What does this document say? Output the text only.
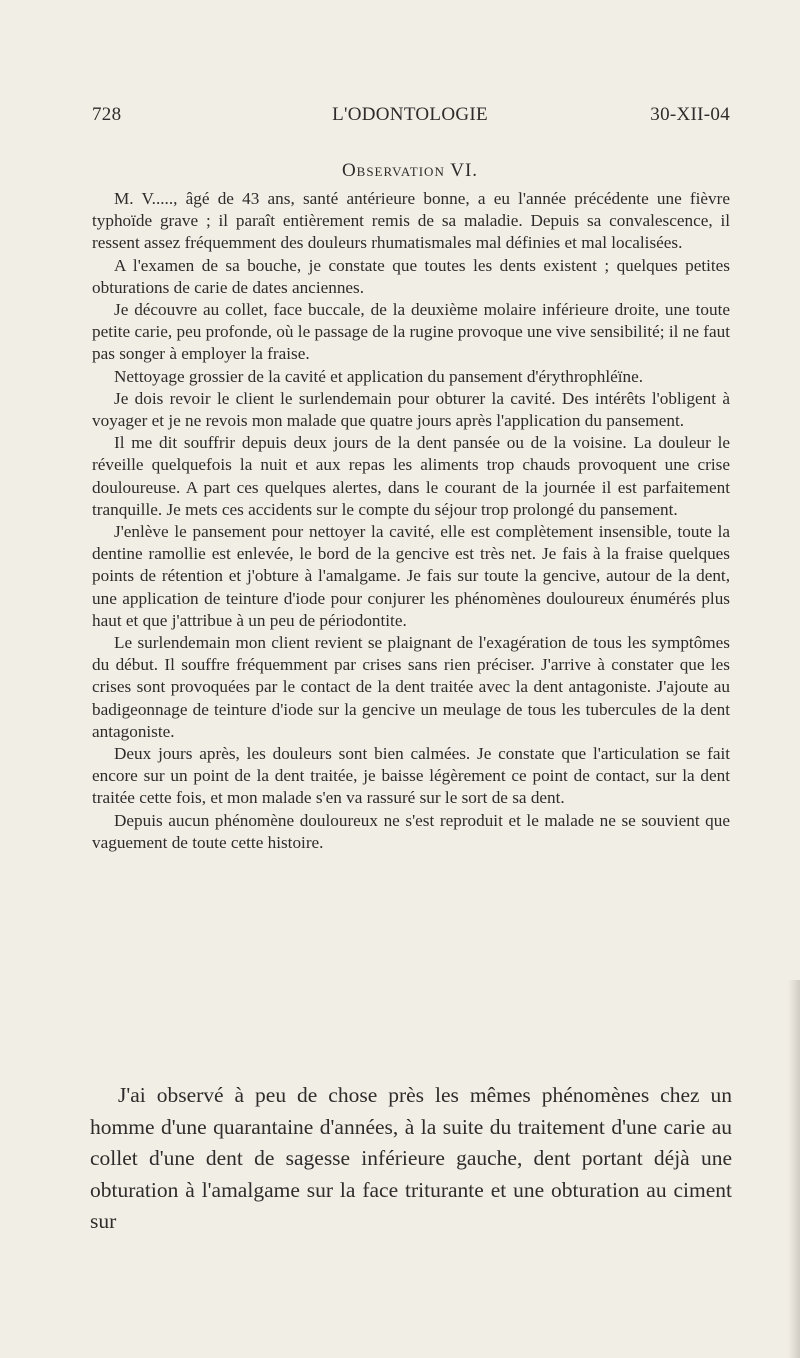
728	L'ODONTOLOGIE	30-XII-04
Observation VI.

M. V....., âgé de 43 ans, santé antérieure bonne, a eu l'année précédente une fièvre typhoïde grave ; il paraît entièrement remis de sa maladie. Depuis sa convalescence, il ressent assez fréquemment des douleurs rhumatismales mal définies et mal localisées.

A l'examen de sa bouche, je constate que toutes les dents existent ; quelques petites obturations de carie de dates anciennes.

Je découvre au collet, face buccale, de la deuxième molaire inférieure droite, une toute petite carie, peu profonde, où le passage de la rugine provoque une vive sensibilité; il ne faut pas songer à employer la fraise.

Nettoyage grossier de la cavité et application du pansement d'érythrophléïne.

Je dois revoir le client le surlendemain pour obturer la cavité. Des intérêts l'obligent à voyager et je ne revois mon malade que quatre jours après l'application du pansement.

Il me dit souffrir depuis deux jours de la dent pansée ou de la voisine. La douleur le réveille quelquefois la nuit et aux repas les aliments trop chauds provoquent une crise douloureuse. A part ces quelques alertes, dans le courant de la journée il est parfaitement tranquille. Je mets ces accidents sur le compte du séjour trop prolongé du pansement.

J'enlève le pansement pour nettoyer la cavité, elle est complètement insensible, toute la dentine ramollie est enlevée, le bord de la gencive est très net. Je fais à la fraise quelques points de rétention et j'obture à l'amalgame. Je fais sur toute la gencive, autour de la dent, une application de teinture d'iode pour conjurer les phénomènes douloureux énumérés plus haut et que j'attribue à un peu de périodontite.

Le surlendemain mon client revient se plaignant de l'exagération de tous les symptômes du début. Il souffre fréquemment par crises sans rien préciser. J'arrive à constater que les crises sont provoquées par le contact de la dent traitée avec la dent antagoniste. J'ajoute au badigeonnage de teinture d'iode sur la gencive un meulage de tous les tubercules de la dent antagoniste.

Deux jours après, les douleurs sont bien calmées. Je constate que l'articulation se fait encore sur un point de la dent traitée, je baisse légèrement ce point de contact, sur la dent traitée cette fois, et mon malade s'en va rassuré sur le sort de sa dent.

Depuis aucun phénomène douloureux ne s'est reproduit et le malade ne se souvient que vaguement de toute cette histoire.

J'ai observé à peu de chose près les mêmes phénomènes chez un homme d'une quarantaine d'années, à la suite du traitement d'une carie au collet d'une dent de sagesse inférieure gauche, dent portant déjà une obturation à l'amalgame sur la face triturante et une obturation au ciment sur
